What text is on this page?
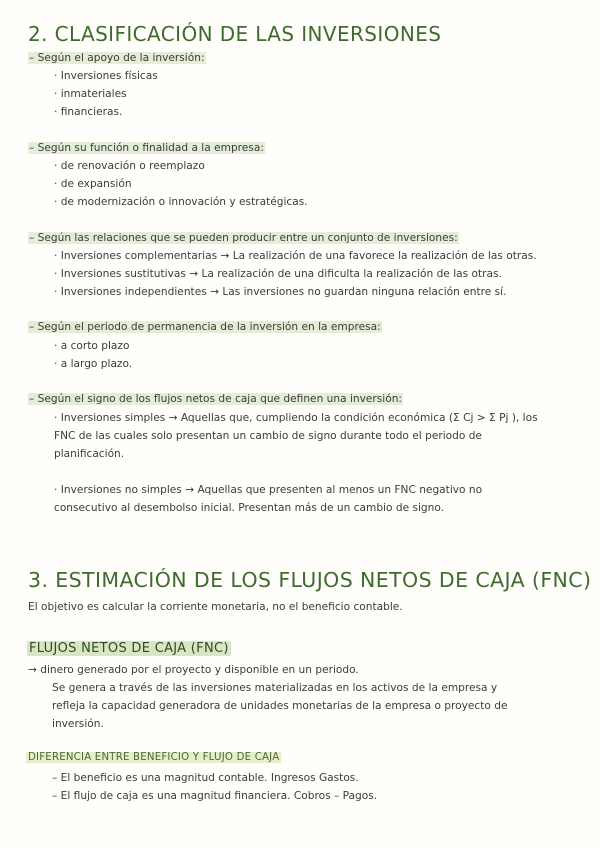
2. CLASIFICACIÓN DE LAS INVERSIONES
– Según el apoyo de la inversión:
· Inversiones físicas
· inmateriales
· financieras.
– Según su función o finalidad a la empresa:
· de renovación o reemplazo
· de expansión
· de modernización o innovación y estratégicas.
– Según las relaciones que se pueden producir entre un conjunto de inversiones:
· Inversiones complementarias → La realización de una favorece la realización de las otras.
· Inversiones sustitutivas → La realización de una dificulta la realización de las otras.
· Inversiones independientes → Las inversiones no guardan ninguna relación entre sí.
– Según el periodo de permanencia de la inversión en la empresa:
· a corto plazo
· a largo plazo.
– Según el signo de los flujos netos de caja que definen una inversión:
· Inversiones simples → Aquellas que, cumpliendo la condición económica (Σ Cj > Σ Pj ), los
FNC de las cuales solo presentan un cambio de signo durante todo el periodo de
planificación.
· Inversiones no simples → Aquellas que presenten al menos un FNC negativo no
consecutivo al desembolso inicial. Presentan más de un cambio de signo.
3. ESTIMACIÓN DE LOS FLUJOS NETOS DE CAJA (FNC)
El objetivo es calcular la corriente monetaria, no el beneficio contable.
FLUJOS NETOS DE CAJA (FNC)
→ dinero generado por el proyecto y disponible en un periodo.
Se genera a través de las inversiones materializadas en los activos de la empresa y
refleja la capacidad generadora de unidades monetarias de la empresa o proyecto de
inversión.
DIFERENCIA ENTRE BENEFICIO Y FLUJO DE CAJA
– El beneficio es una magnitud contable. Ingresos Gastos.
– El flujo de caja es una magnitud financiera. Cobros – Pagos.
